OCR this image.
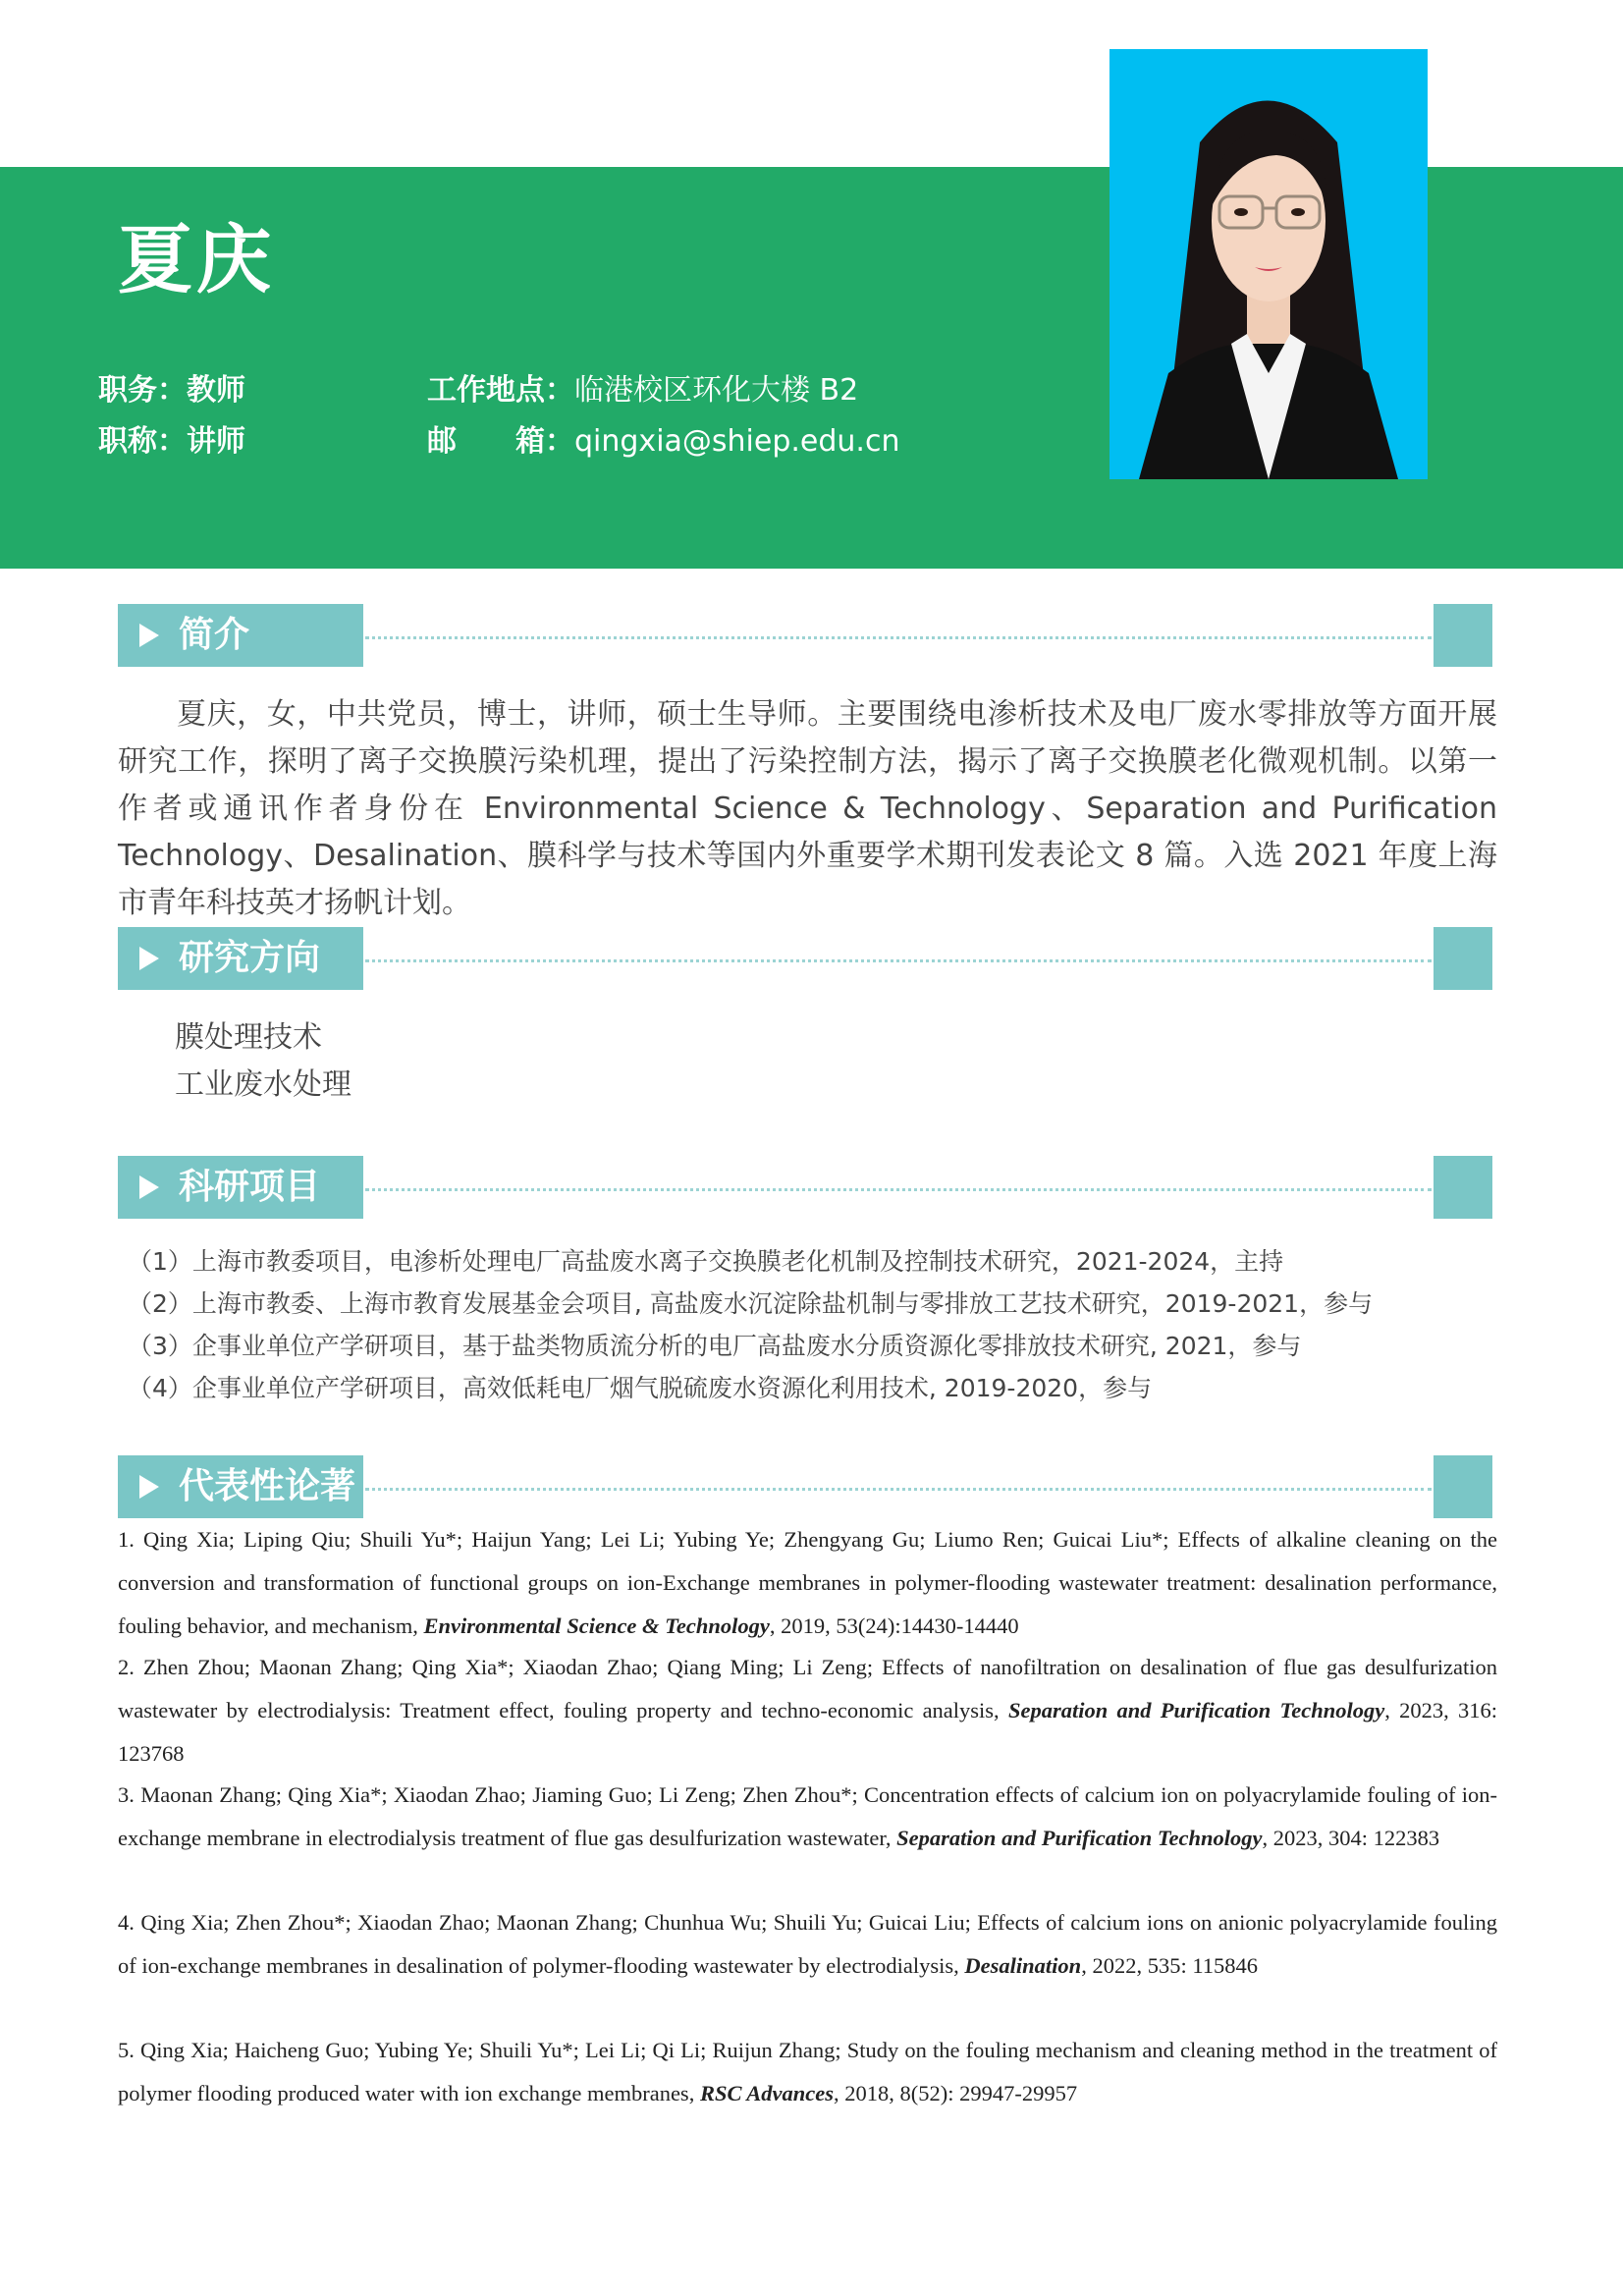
夏庆
职务：教师
职称：讲师
工作地点：临港校区环化大楼 B2
邮　　箱：qingxia@shiep.edu.cn
简介
夏庆，女，中共党员，博士，讲师，硕士生导师。主要围绕电渗析技术及电厂废水零排放等方面开展研究工作，探明了离子交换膜污染机理，提出了污染控制方法，揭示了离子交换膜老化微观机制。以第一作者或通讯作者身份在 Environmental Science & Technology、Separation and Purification Technology、Desalination、膜科学与技术等国内外重要学术期刊发表论文 8 篇。入选 2021 年度上海市青年科技英才扬帆计划。
研究方向
膜处理技术
工业废水处理
科研项目
（1）上海市教委项目，电渗析处理电厂高盐废水离子交换膜老化机制及控制技术研究，2021-2024，主持
（2）上海市教委、上海市教育发展基金会项目, 高盐废水沉淀除盐机制与零排放工艺技术研究，2019-2021，参与
（3）企事业单位产学研项目，基于盐类物质流分析的电厂高盐废水分质资源化零排放技术研究, 2021，参与
（4）企事业单位产学研项目，高效低耗电厂烟气脱硫废水资源化利用技术, 2019-2020，参与
代表性论著
1. Qing Xia; Liping Qiu; Shuili Yu*; Haijun Yang; Lei Li; Yubing Ye; Zhengyang Gu; Liumo Ren; Guicai Liu*; Effects of alkaline cleaning on the conversion and transformation of functional groups on ion-Exchange membranes in polymer-flooding wastewater treatment: desalination performance, fouling behavior, and mechanism, Environmental Science & Technology, 2019, 53(24):14430-14440
2. Zhen Zhou; Maonan Zhang; Qing Xia*; Xiaodan Zhao; Qiang Ming; Li Zeng; Effects of nanofiltration on desalination of flue gas desulfurization wastewater by electrodialysis: Treatment effect, fouling property and techno-economic analysis, Separation and Purification Technology, 2023, 316: 123768
3. Maonan Zhang; Qing Xia*; Xiaodan Zhao; Jiaming Guo; Li Zeng; Zhen Zhou*; Concentration effects of calcium ion on polyacrylamide fouling of ion-exchange membrane in electrodialysis treatment of flue gas desulfurization wastewater, Separation and Purification Technology, 2023, 304: 122383
4. Qing Xia; Zhen Zhou*; Xiaodan Zhao; Maonan Zhang; Chunhua Wu; Shuili Yu; Guicai Liu; Effects of calcium ions on anionic polyacrylamide fouling of ion-exchange membranes in desalination of polymer-flooding wastewater by electrodialysis, Desalination, 2022, 535: 115846
5. Qing Xia; Haicheng Guo; Yubing Ye; Shuili Yu*; Lei Li; Qi Li; Ruijun Zhang; Study on the fouling mechanism and cleaning method in the treatment of polymer flooding produced water with ion exchange membranes, RSC Advances, 2018, 8(52): 29947-29957
